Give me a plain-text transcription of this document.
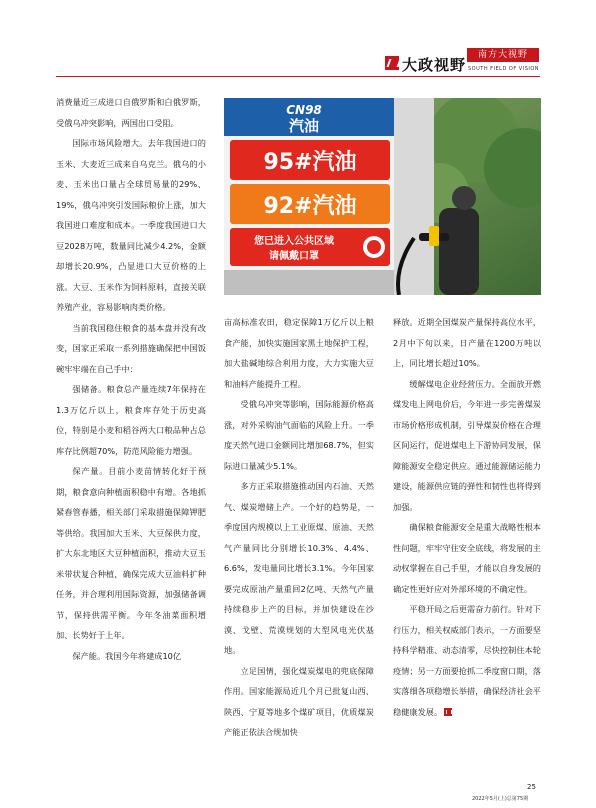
大政视野
南方大视野
SOUTH FIELD OF VISION

消费量近三成进口自俄罗斯和白俄罗斯，受俄乌冲突影响，两国出口受阻。

国际市场风险增大。去年我国进口的玉米、大麦近三成来自乌克兰。俄乌的小麦、玉米出口量占全球贸易量的29%、19%，俄乌冲突引发国际粮价上涨，加大我国进口难度和成本。一季度我国进口大豆2028万吨，数量同比减少4.2%，金额却增长20.9%，凸显进口大豆价格的上涨。大豆、玉米作为饲料原料，直接关联养殖产业，容易影响肉类价格。

当前我国稳住粮食的基本盘并没有改变，国家正采取一系列措施确保把中国饭碗牢牢端在自己手中：

强储备。粮食总产量连续7年保持在1.3万亿斤以上，粮食库存处于历史高位，特别是小麦和稻谷两大口粮品种占总库存比例超70%，防范风险能力增强。

保产量。目前小麦苗情转化好于预期，粮食意向种植面积稳中有增。各地抓紧春管春播，相关部门采取措施保障钾肥等供给。我国加大玉米、大豆保供力度，扩大东北地区大豆种植面积，推动大豆玉米带状复合种植，确保完成大豆油料扩种任务，并合理利用国际资源，加强储备调节，保持供需平衡。今年冬油菜面积增加、长势好于上年。

保产能。我国今年将建成10亿

CN98
汽油
95#汽油
92#汽油
您已进入公共区域
请佩戴口罩

亩高标准农田，稳定保障1万亿斤以上粮食产能，加快实施国家黑土地保护工程，加大盐碱地综合利用力度，大力实施大豆和油料产能提升工程。

受俄乌冲突等影响，国际能源价格高涨，对外采购油气面临的风险上升。一季度天然气进口金额同比增加68.7%，但实际进口量减少5.1%。

多方正采取措施推动国内石油、天然气、煤炭增储上产。一个好的趋势是，一季度国内规模以上工业原煤、原油、天然气产量同比分别增长10.3%、4.4%、6.6%，发电量同比增长3.1%。今年国家要完成原油产量重回2亿吨、天然气产量持续稳步上产的目标，并加快建设在沙漠、戈壁、荒漠规划的大型风电光伏基地。

立足国情，强化煤炭煤电的兜底保障作用。国家能源局近几个月已批复山西、陕西、宁夏等地多个煤矿项目，优质煤炭产能正依法合规加快

释放。近期全国煤炭产量保持高位水平，2月中下旬以来，日产量在1200万吨以上，同比增长超过10%。

缓解煤电企业经营压力。全面放开燃煤发电上网电价后，今年进一步完善煤炭市场价格形成机制，引导煤炭价格在合理区间运行，促进煤电上下游协同发展，保障能源安全稳定供应。通过能源储运能力建设，能源供应链的弹性和韧性也将得到加强。

确保粮食能源安全是重大战略性根本性问题，牢牢守住安全底线，将发展的主动权掌握在自己手里，才能以自身发展的确定性更好应对外部环境的不确定性。

平稳开局之后更需奋力前行。针对下行压力，相关权威部门表示，一方面要坚持科学精准、动态清零，尽快控制住本轮疫情；另一方面要抢抓二季度窗口期，落实落细各项稳增长举措，确保经济社会平稳健康发展。

25
2022年5月(上)总第75期
